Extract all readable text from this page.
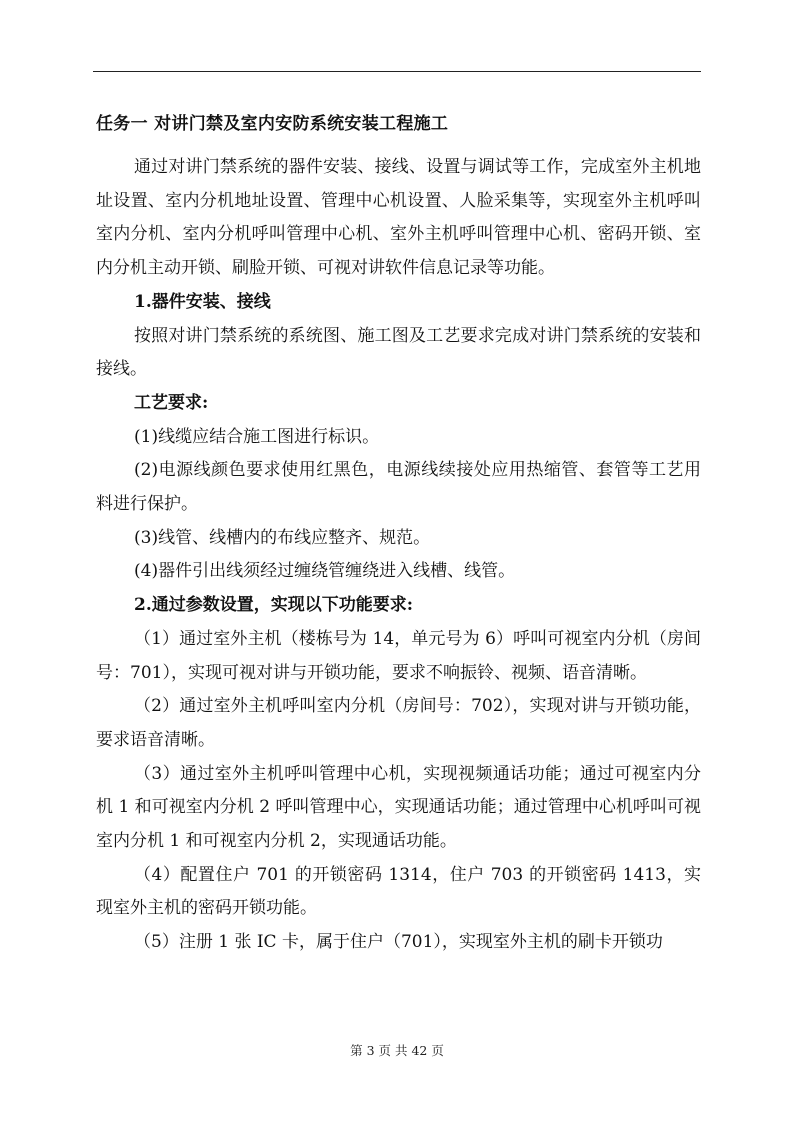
任务一 对讲门禁及室内安防系统安装工程施工

通过对讲门禁系统的器件安装、接线、设置与调试等工作，完成室外主机地址设置、室内分机地址设置、管理中心机设置、人脸采集等，实现室外主机呼叫室内分机、室内分机呼叫管理中心机、室外主机呼叫管理中心机、密码开锁、室内分机主动开锁、刷脸开锁、可视对讲软件信息记录等功能。

1.器件安装、接线

按照对讲门禁系统的系统图、施工图及工艺要求完成对讲门禁系统的安装和接线。

工艺要求:

(1)线缆应结合施工图进行标识。

(2)电源线颜色要求使用红黑色，电源线续接处应用热缩管、套管等工艺用料进行保护。

(3)线管、线槽内的布线应整齐、规范。

(4)器件引出线须经过缠绕管缠绕进入线槽、线管。

2.通过参数设置，实现以下功能要求:

（1）通过室外主机（楼栋号为 14，单元号为 6）呼叫可视室内分机（房间号：701），实现可视对讲与开锁功能，要求不响振铃、视频、语音清晰。

（2）通过室外主机呼叫室内分机（房间号：702），实现对讲与开锁功能，要求语音清晰。

（3）通过室外主机呼叫管理中心机，实现视频通话功能；通过可视室内分机 1 和可视室内分机 2 呼叫管理中心，实现通话功能；通过管理中心机呼叫可视室内分机 1 和可视室内分机 2，实现通话功能。

（4）配置住户 701 的开锁密码 1314，住户 703 的开锁密码 1413，实现室外主机的密码开锁功能。

（5）注册 1 张 IC 卡，属于住户（701），实现室外主机的刷卡开锁功

第 3 页 共 42 页
